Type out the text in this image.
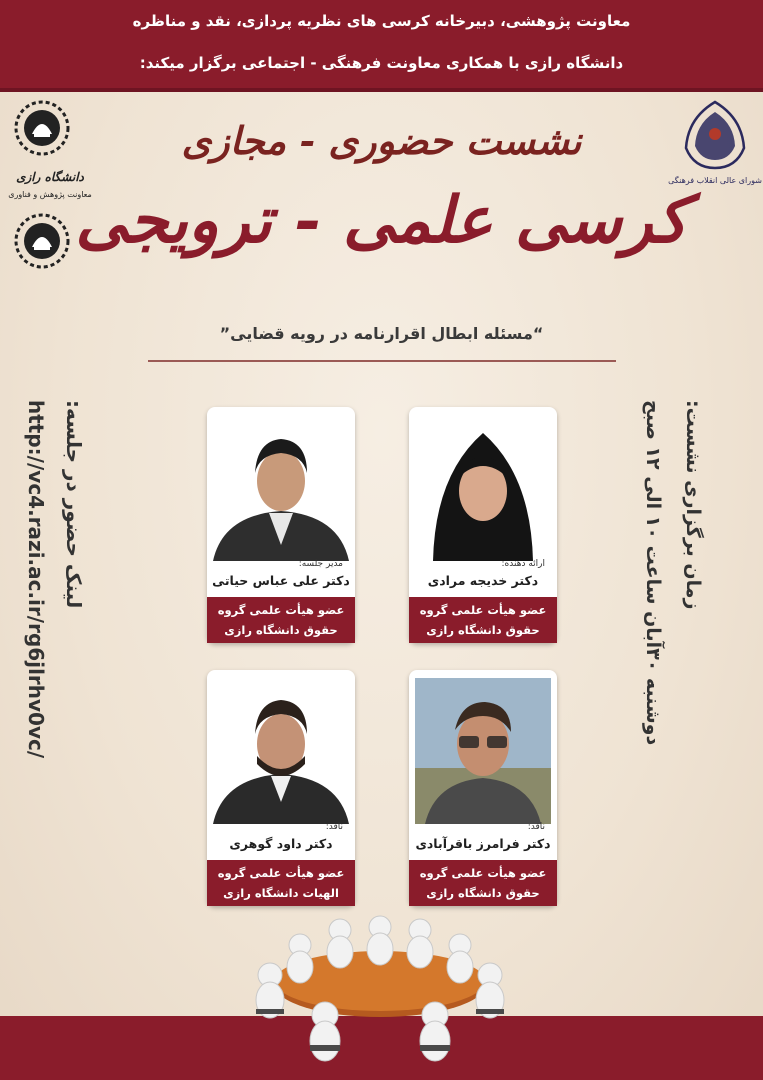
معاونت پژوهشی، دبیرخانه کرسی های نظریه پردازی، نقد و مناظره
دانشگاه رازی با همکاری معاونت فرهنگی - اجتماعی برگزار میکند:
دانشگاه رازی
معاونت پژوهش و فناوری
شورای عالی انقلاب فرهنگی
نشست حضوری - مجازی
کرسی علمی - ترویجی
“مسئله ابطال اقرارنامه در رویه قضایی”
زمان برگزاری نشست:
دوشنبه ۳۰آبان ساعت ۱۰ الی ۱۲ صبح
لینک حضور در جلسه:
http://vc4.razi.ac.ir/rg6jlrhv0vc/	ارائه دهنده:
دکتر خدیجه مرادی
عضو هیأت علمی گروه
حقوق دانشگاه رازی
مدیر جلسه:
دکتر علی عباس حیاتی
عضو هیأت علمی گروه
حقوق دانشگاه رازی
ناقد:
دکتر فرامرز باقرآبادی
عضو هیأت علمی گروه
حقوق دانشگاه رازی
ناقد:
دکتر داود گوهری
عضو هیأت علمی گروه
الهیات دانشگاه رازی
